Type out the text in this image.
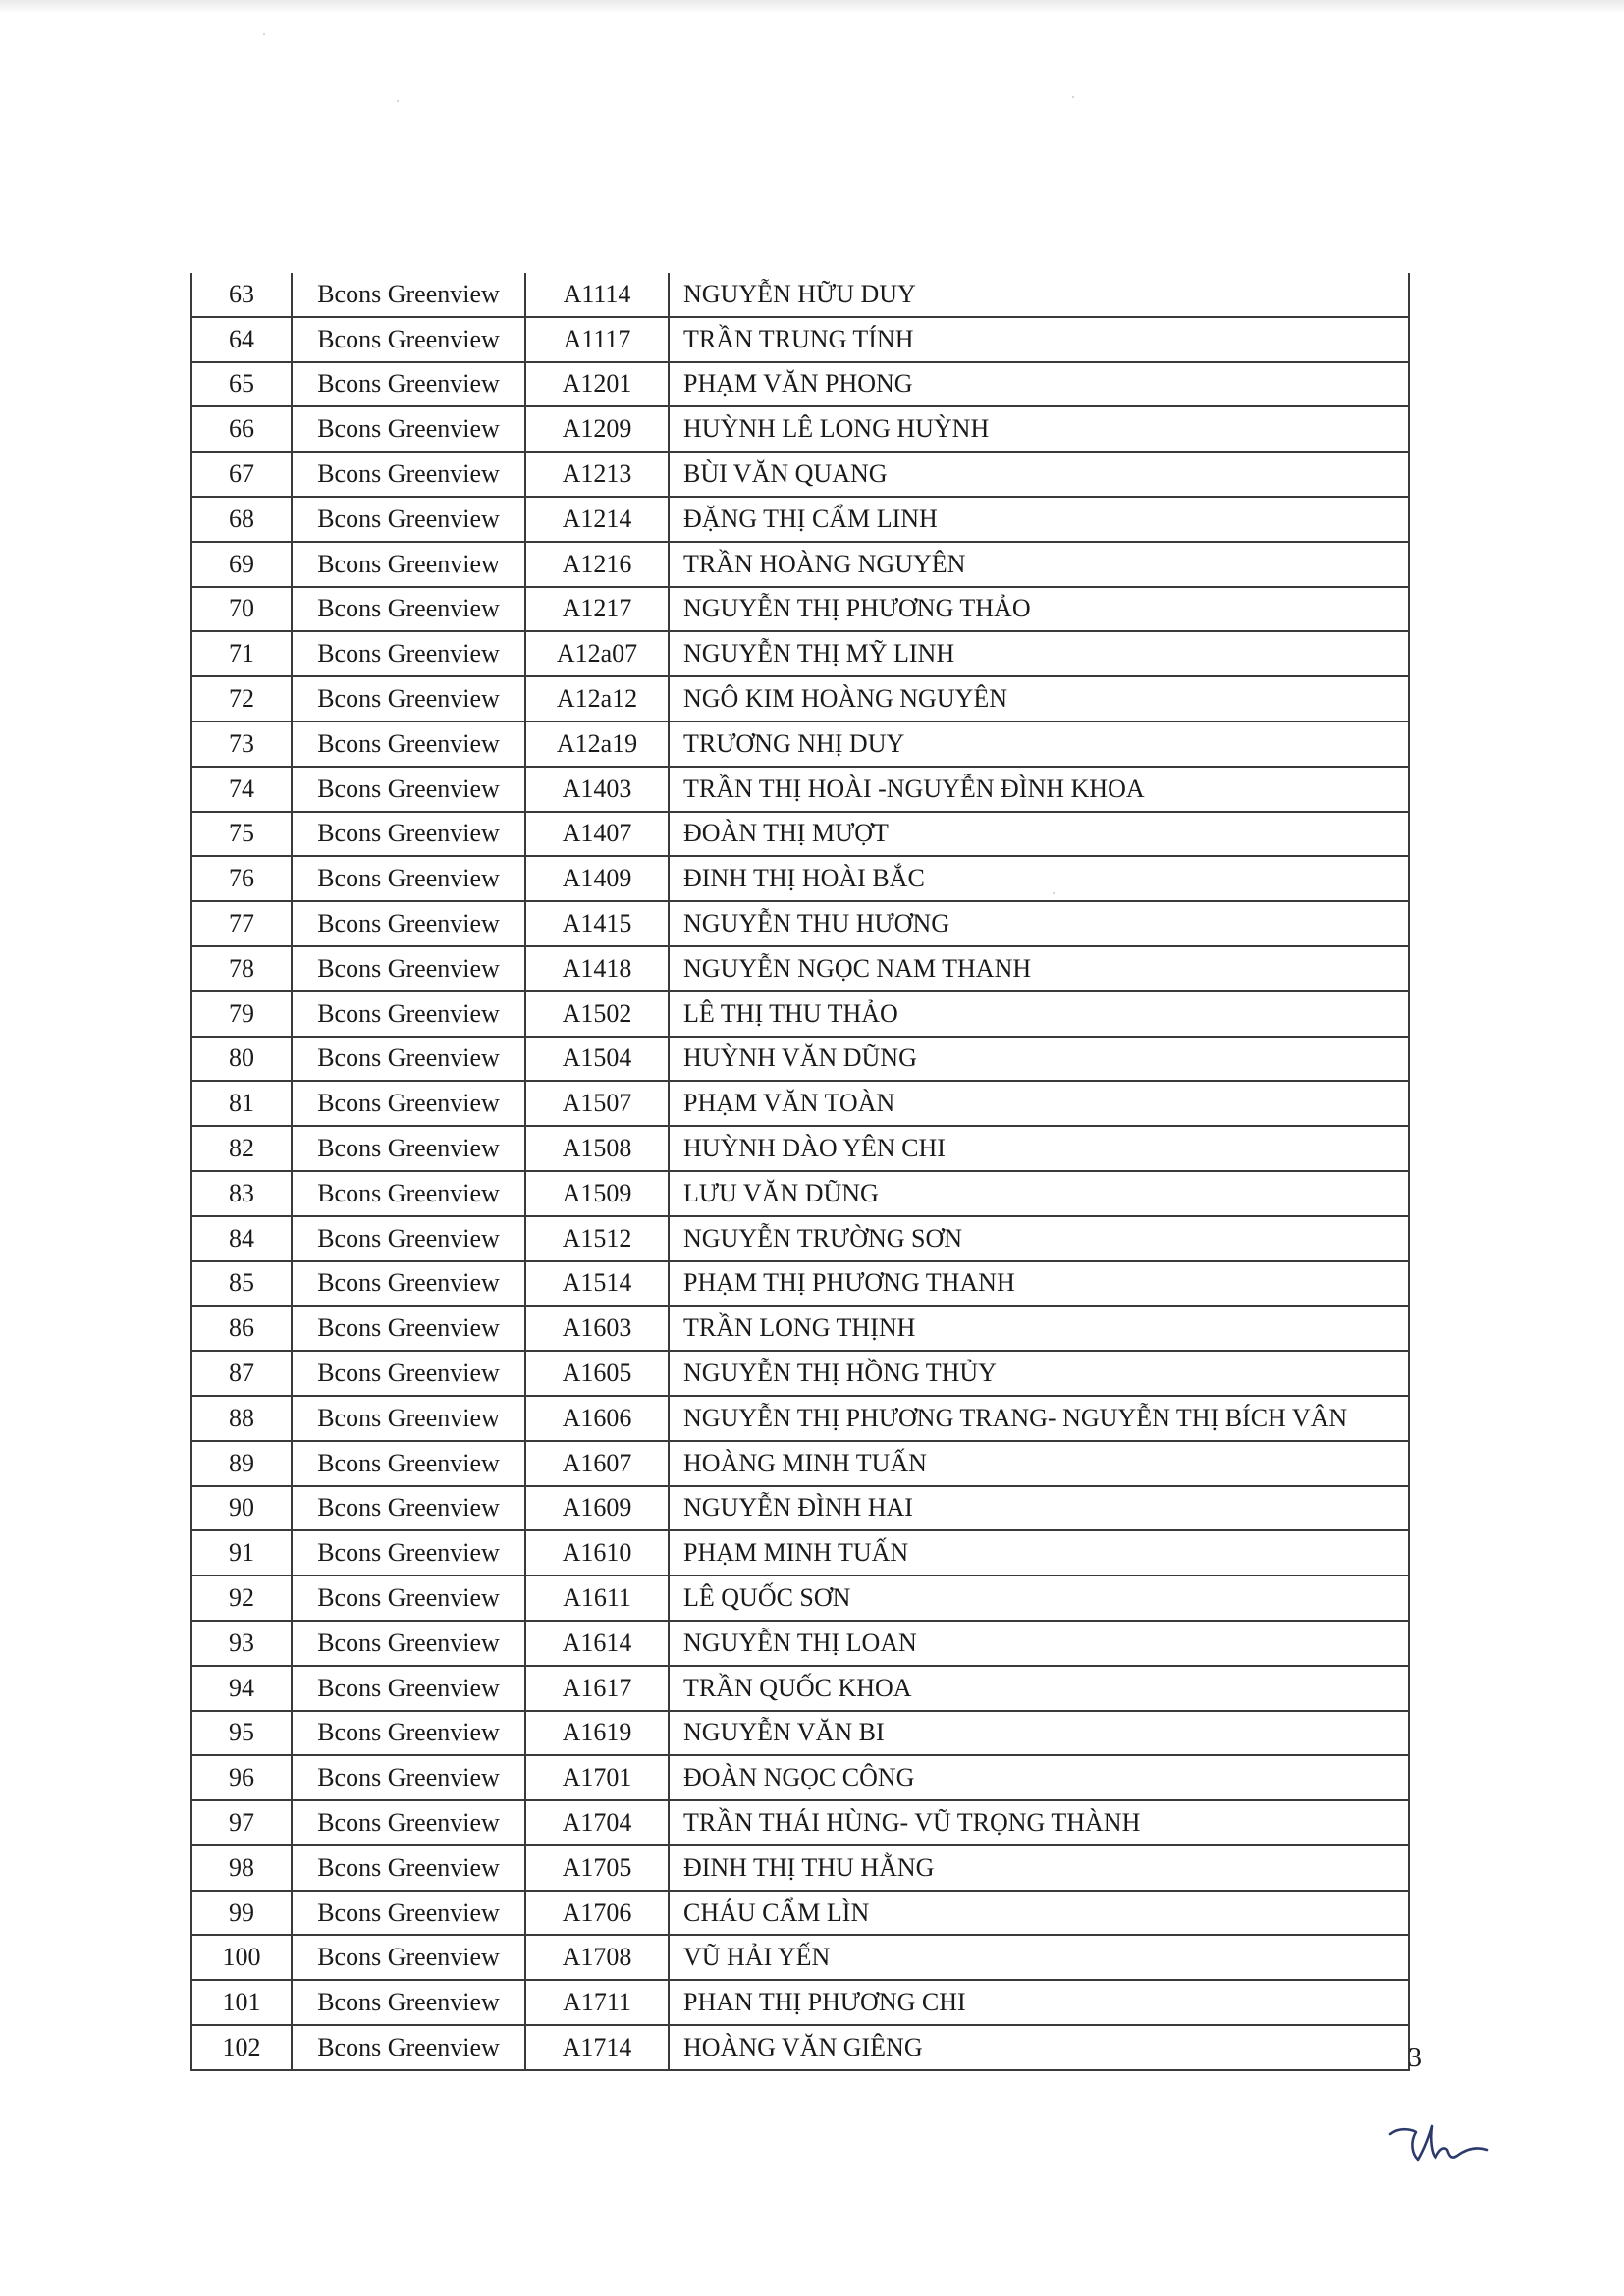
63	Bcons Greenview	A1114	NGUYỄN HỮU DUY
64	Bcons Greenview	A1117	TRẦN TRUNG TÍNH
65	Bcons Greenview	A1201	PHẠM VĂN PHONG
66	Bcons Greenview	A1209	HUỲNH LÊ LONG HUỲNH
67	Bcons Greenview	A1213	BÙI VĂN QUANG
68	Bcons Greenview	A1214	ĐẶNG THỊ CẨM LINH
69	Bcons Greenview	A1216	TRẦN HOÀNG NGUYÊN
70	Bcons Greenview	A1217	NGUYỄN THỊ PHƯƠNG THẢO
71	Bcons Greenview	A12a07	NGUYỄN THỊ MỸ LINH
72	Bcons Greenview	A12a12	NGÔ KIM HOÀNG NGUYÊN
73	Bcons Greenview	A12a19	TRƯƠNG NHỊ DUY
74	Bcons Greenview	A1403	TRẦN THỊ HOÀI -NGUYỄN ĐÌNH KHOA
75	Bcons Greenview	A1407	ĐOÀN THỊ MƯỢT
76	Bcons Greenview	A1409	ĐINH THỊ HOÀI BẮC
77	Bcons Greenview	A1415	NGUYỄN THU HƯƠNG
78	Bcons Greenview	A1418	NGUYỄN NGỌC NAM THANH
79	Bcons Greenview	A1502	LÊ THỊ THU THẢO
80	Bcons Greenview	A1504	HUỲNH VĂN DŨNG
81	Bcons Greenview	A1507	PHẠM VĂN TOÀN
82	Bcons Greenview	A1508	HUỲNH ĐÀO YÊN CHI
83	Bcons Greenview	A1509	LƯU VĂN DŨNG
84	Bcons Greenview	A1512	NGUYỄN TRƯỜNG SƠN
85	Bcons Greenview	A1514	PHẠM THỊ PHƯƠNG THANH
86	Bcons Greenview	A1603	TRẦN LONG THỊNH
87	Bcons Greenview	A1605	NGUYỄN THỊ HỒNG THỦY
88	Bcons Greenview	A1606	NGUYỄN THỊ PHƯƠNG TRANG- NGUYỄN THỊ BÍCH VÂN
89	Bcons Greenview	A1607	HOÀNG MINH TUẤN
90	Bcons Greenview	A1609	NGUYỄN ĐÌNH HAI
91	Bcons Greenview	A1610	PHẠM MINH TUẤN
92	Bcons Greenview	A1611	LÊ QUỐC SƠN
93	Bcons Greenview	A1614	NGUYỄN THỊ LOAN
94	Bcons Greenview	A1617	TRẦN QUỐC KHOA
95	Bcons Greenview	A1619	NGUYỄN VĂN BI
96	Bcons Greenview	A1701	ĐOÀN NGỌC CÔNG
97	Bcons Greenview	A1704	TRẦN THÁI HÙNG- VŨ TRỌNG THÀNH
98	Bcons Greenview	A1705	ĐINH THỊ THU HẰNG
99	Bcons Greenview	A1706	CHÁU CẨM LÌN
100	Bcons Greenview	A1708	VŨ HẢI YẾN
101	Bcons Greenview	A1711	PHAN THỊ PHƯƠNG CHI
102	Bcons Greenview	A1714	HOÀNG VĂN GIÊNG	3
